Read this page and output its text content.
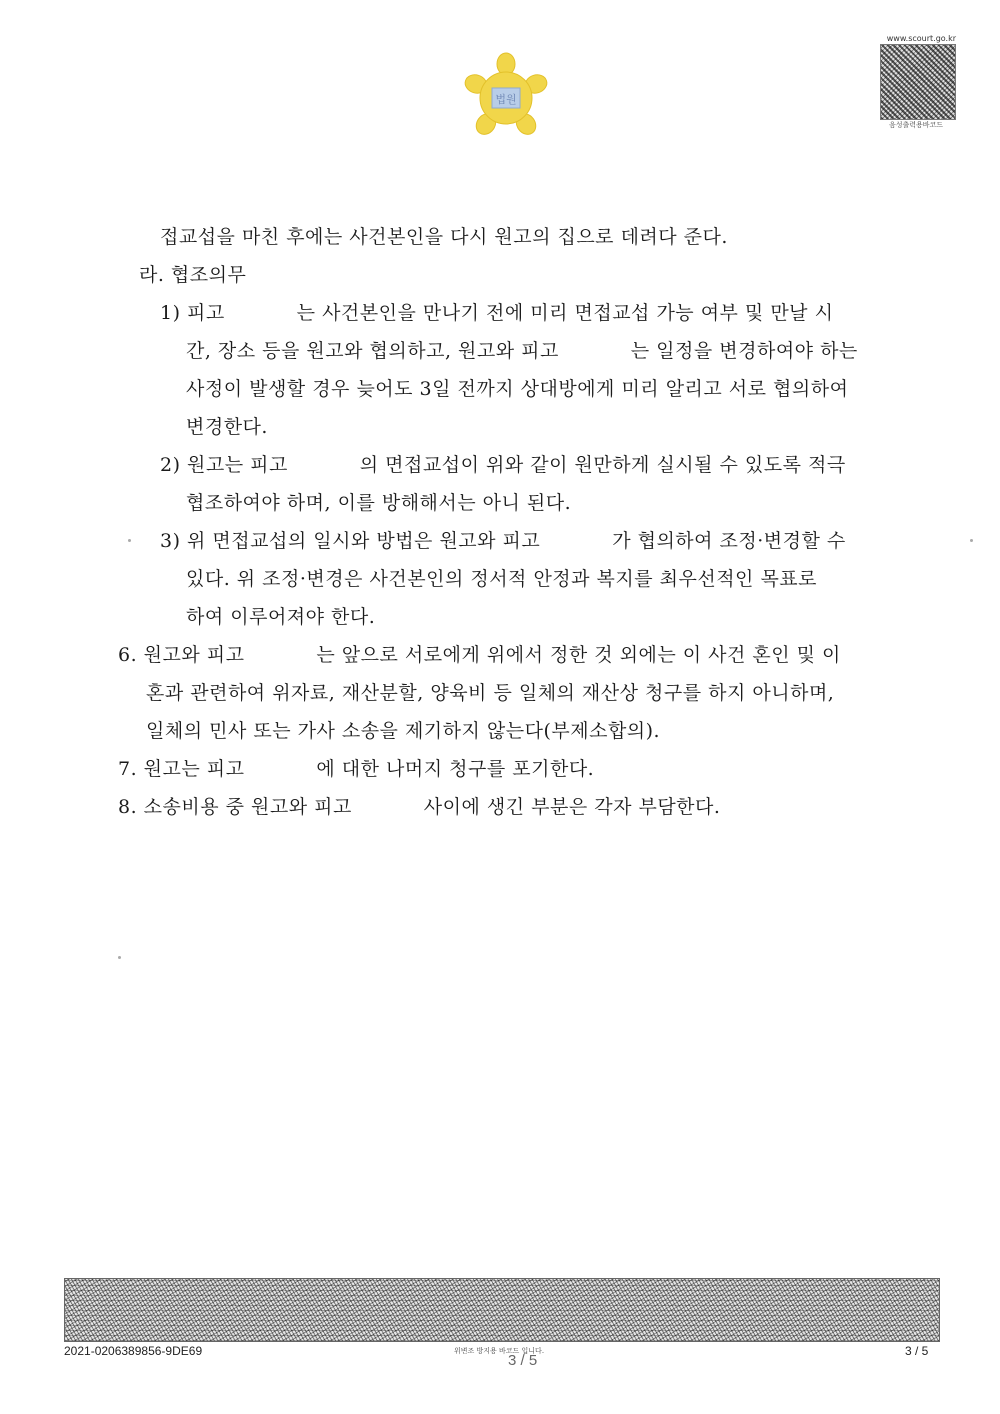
법원
www.scourt.go.kr
음성출력용바코드
접교섭을 마친 후에는 사건본인을 다시 원고의 집으로 데려다 준다.
라. 협조의무
1) 피고           는 사건본인을 만나기 전에 미리 면접교섭 가능 여부 및 만날 시
간, 장소 등을 원고와 협의하고, 원고와 피고           는 일정을 변경하여야 하는
사정이 발생할 경우 늦어도 3일 전까지 상대방에게 미리 알리고 서로 협의하여
변경한다.
2) 원고는 피고           의 면접교섭이 위와 같이 원만하게 실시될 수 있도록 적극
협조하여야 하며, 이를 방해해서는 아니 된다.
3) 위 면접교섭의 일시와 방법은 원고와 피고           가 협의하여 조정·변경할 수
있다. 위 조정·변경은 사건본인의 정서적 안정과 복지를 최우선적인 목표로
하여 이루어져야 한다.
6. 원고와 피고           는 앞으로 서로에게 위에서 정한 것 외에는 이 사건 혼인 및 이
혼과 관련하여 위자료, 재산분할, 양육비 등 일체의 재산상 청구를 하지 아니하며,
일체의 민사 또는 가사 소송을 제기하지 않는다(부제소합의).
7. 원고는 피고           에 대한 나머지 청구를 포기한다.
8. 소송비용 중 원고와 피고           사이에 생긴 부분은 각자 부담한다.
2021-0206389856-9DE69	위변조 방지용 바코드 입니다.
3 / 5
3 / 5
